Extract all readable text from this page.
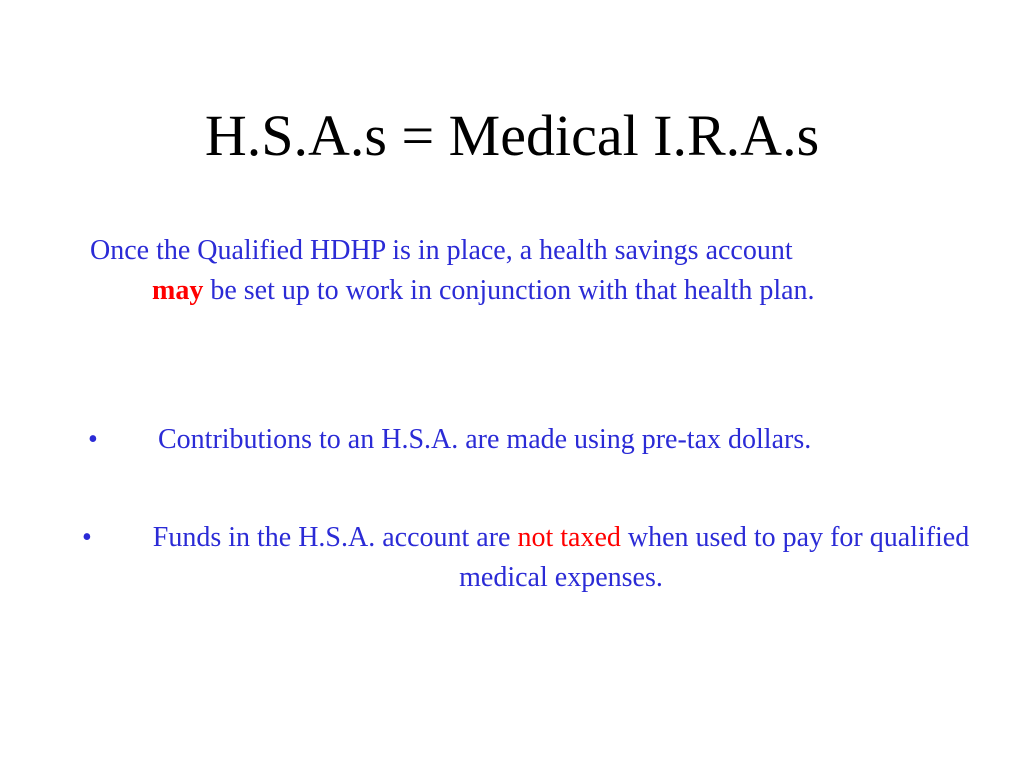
H.S.A.s = Medical I.R.A.s

Once the Qualified HDHP is in place, a health savings account
may be set up to work in conjunction with that health plan.

• Contributions to an H.S.A. are made using pre-tax dollars.
• Funds in the H.S.A. account are not taxed when used to pay for qualified medical expenses.
